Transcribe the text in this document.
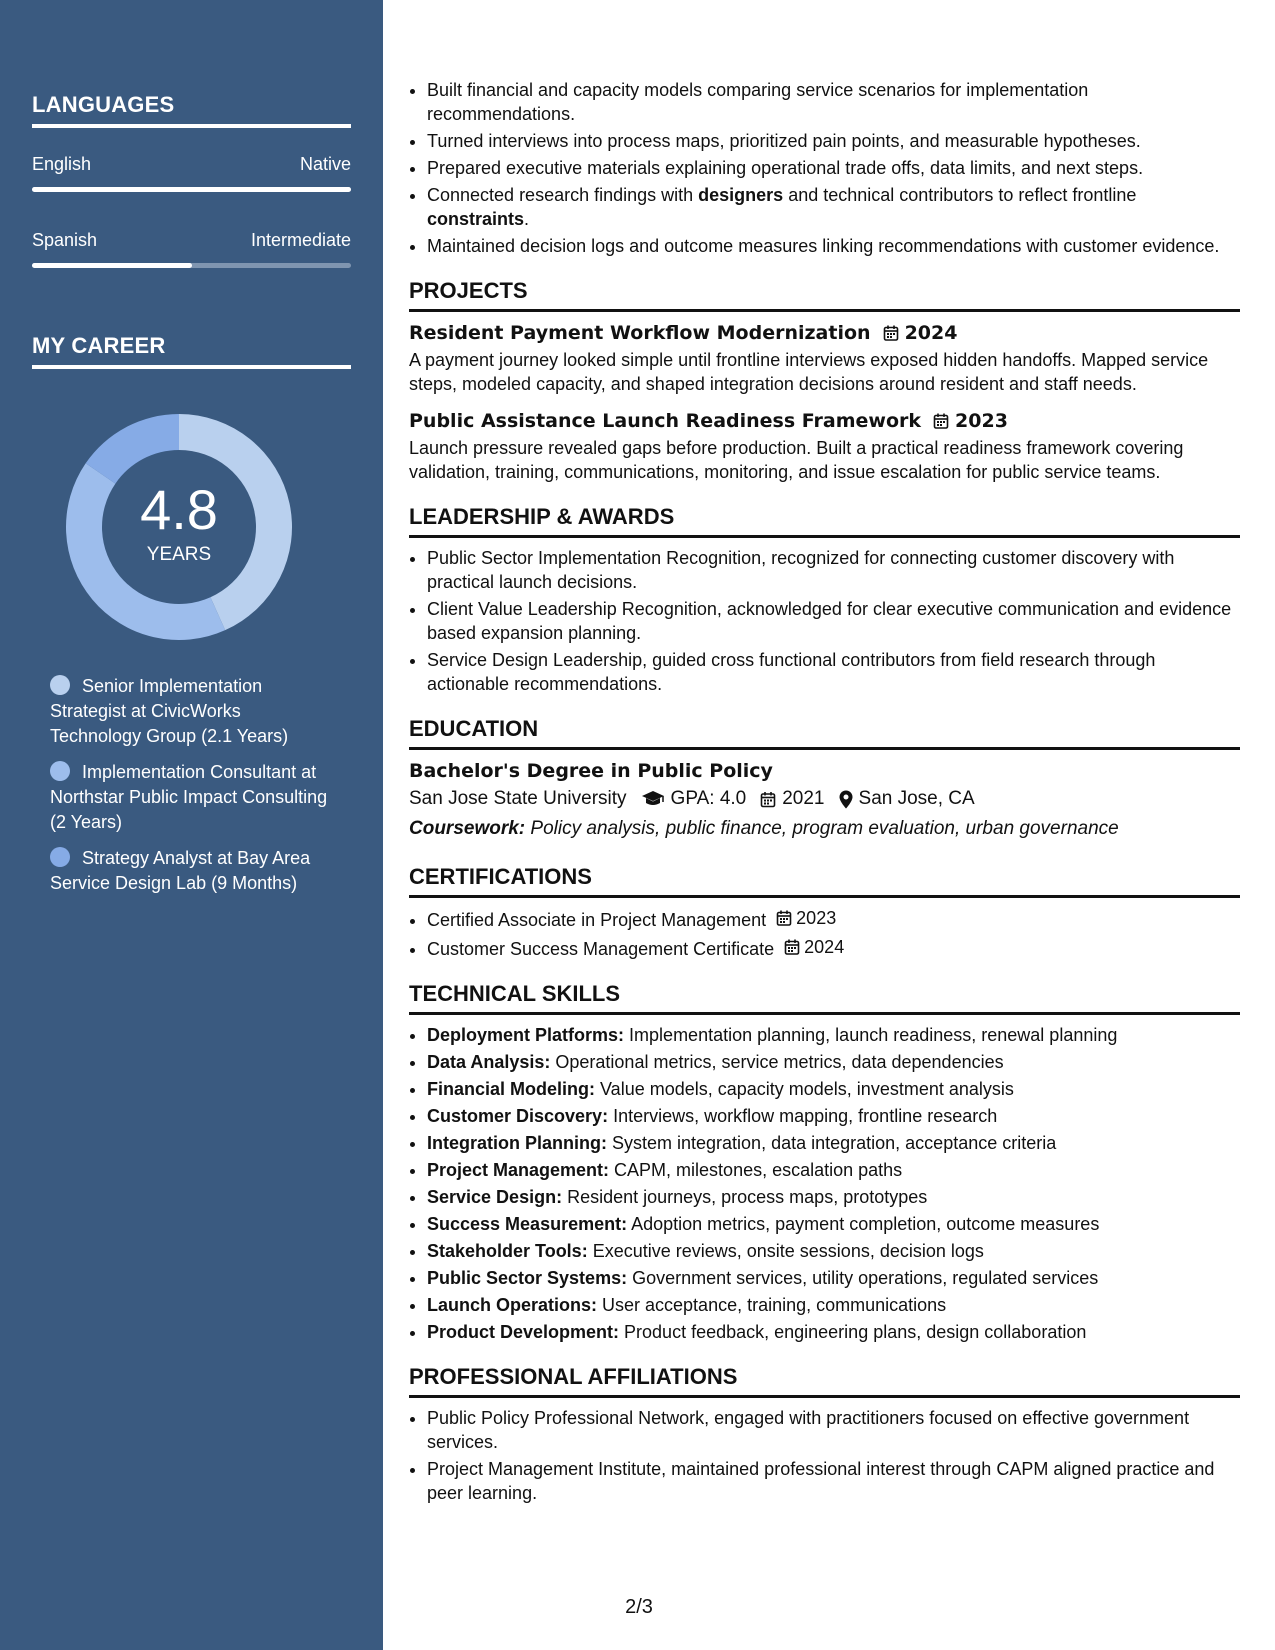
LANGUAGES
English	Native
Spanish	Intermediate
MY CAREER
4.8
YEARS
Senior Implementation Strategist at CivicWorks Technology Group (2.1 Years)
Implementation Consultant at Northstar Public Impact Consulting (2 Years)
Strategy Analyst at Bay Area Service Design Lab (9 Months)
• Built financial and capacity models comparing service scenarios for implementation recommendations.
• Turned interviews into process maps, prioritized pain points, and measurable hypotheses.
• Prepared executive materials explaining operational trade offs, data limits, and next steps.
• Connected research findings with designers and technical contributors to reflect frontline constraints.
• Maintained decision logs and outcome measures linking recommendations with customer evidence.
PROJECTS
Resident Payment Workflow Modernization 2024

A payment journey looked simple until frontline interviews exposed hidden handoffs. Mapped service steps, modeled capacity, and shaped integration decisions around resident and staff needs.

Public Assistance Launch Readiness Framework 2023

Launch pressure revealed gaps before production. Built a practical readiness framework covering validation, training, communications, monitoring, and issue escalation for public service teams.

LEADERSHIP & AWARDS
• Public Sector Implementation Recognition, recognized for connecting customer discovery with practical launch decisions.
• Client Value Leadership Recognition, acknowledged for clear executive communication and evidence based expansion planning.
• Service Design Leadership, guided cross functional contributors from field research through actionable recommendations.
EDUCATION
Bachelor's Degree in Public Policy
San Jose State University GPA: 4.0 2021 San Jose, CA

Coursework: Policy analysis, public finance, program evaluation, urban governance

CERTIFICATIONS
• Certified Associate in Project Management 2023
• Customer Success Management Certificate 2024
TECHNICAL SKILLS
• Deployment Platforms: Implementation planning, launch readiness, renewal planning
• Data Analysis: Operational metrics, service metrics, data dependencies
• Financial Modeling: Value models, capacity models, investment analysis
• Customer Discovery: Interviews, workflow mapping, frontline research
• Integration Planning: System integration, data integration, acceptance criteria
• Project Management: CAPM, milestones, escalation paths
• Service Design: Resident journeys, process maps, prototypes
• Success Measurement: Adoption metrics, payment completion, outcome measures
• Stakeholder Tools: Executive reviews, onsite sessions, decision logs
• Public Sector Systems: Government services, utility operations, regulated services
• Launch Operations: User acceptance, training, communications
• Product Development: Product feedback, engineering plans, design collaboration
PROFESSIONAL AFFILIATIONS
• Public Policy Professional Network, engaged with practitioners focused on effective government services.
• Project Management Institute, maintained professional interest through CAPM aligned practice and peer learning.
2/3
